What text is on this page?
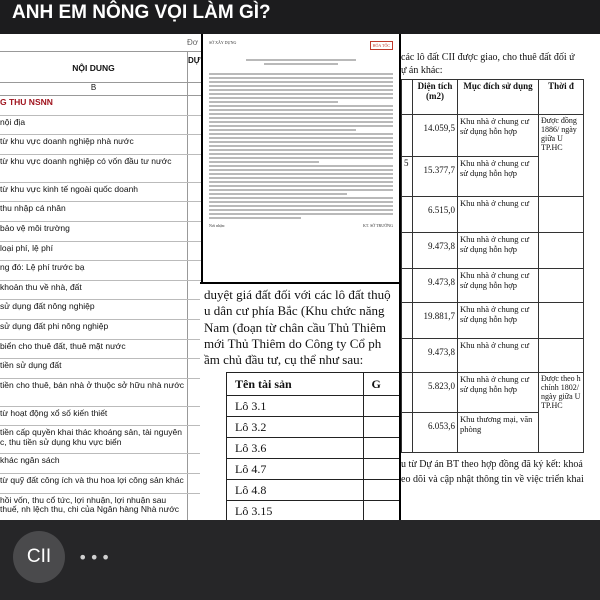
ANH EM NÔNG VỌI LÀM GÌ?
Đơ
NỘI DUNG
DỰ
B
G THU NSNN
nội địa
từ khu vực doanh nghiệp nhà nước
từ khu vực doanh nghiệp có vốn đầu tư nước
từ khu vực kinh tế ngoài quốc doanh
thu nhập cá nhân
bảo vệ môi trường
loại phí, lệ phí
ng đó: Lệ phí trước bạ
khoản thu về nhà, đất
sử dụng đất nông nghiệp
sử dụng đất phi nông nghiệp
biển cho thuê đất, thuê mặt nước
tiền sử dụng đất
tiền cho thuê, bán nhà ở thuộc sở hữu nhà nước
từ hoạt động xổ số kiến thiết
tiền cấp quyền khai thác khoáng sản, tài nguyên c, thu tiền sử dụng khu vực biển
khác ngân sách
từ quỹ đất công ích và thu hoa lợi công sản khác
hồi vốn, thu cổ tức, lợi nhuận, lợi nhuận sau thuế, nh lệch thu, chi của Ngân hàng Nhà nước
SỞ XÂY DỰNG
HỎA TỐC
Nơi nhận:	KT. SỞ TRƯỞNG
duyệt giá đất đối với các lô đất thuộ
u dân cư phía Bắc (Khu chức năng
Nam (đoạn từ chân cầu Thủ Thiêm
mới Thủ Thiêm do Công ty Cổ ph
ầm chủ đầu tư, cụ thể như sau:
Tên tài sản	G
Lô 3.1	
Lô 3.2	
Lô 3.6	
Lô 4.7	
Lô 4.8	
Lô 3.15	

các lô đất CII được giao, cho thuê đất đối ứ
ự án khác:
	Diện tích (m2)	Mục đích sử dụng	Thời đ
	14.059,5	Khu nhà ở chung cư sử dụng hỗn hợp	Được đồng 1886/ ngày giữa U TP.HC
5	15.377,7	Khu nhà ở chung cư sử dụng hỗn hợp	
	6.515,0	Khu nhà ở chung cư	
	9.473,8	Khu nhà ở chung cư sử dụng hỗn hợp	
	9.473,8	Khu nhà ở chung cư sử dụng hỗn hợp	
	19.881,7	Khu nhà ở chung cư sử dụng hỗn hợp	
	9.473,8	Khu nhà ở chung cư	
	5.823,0	Khu nhà ở chung cư sử dụng hỗn hợp	Được theo h chính 1802/ ngày giữa U TP.HC
	6.053,6	Khu thương mại, văn phòng	
u từ Dự án BT theo hợp đồng đã ký kết: khoả
eo dõi và cập nhật thông tin về việc triển khai
CII	•••
